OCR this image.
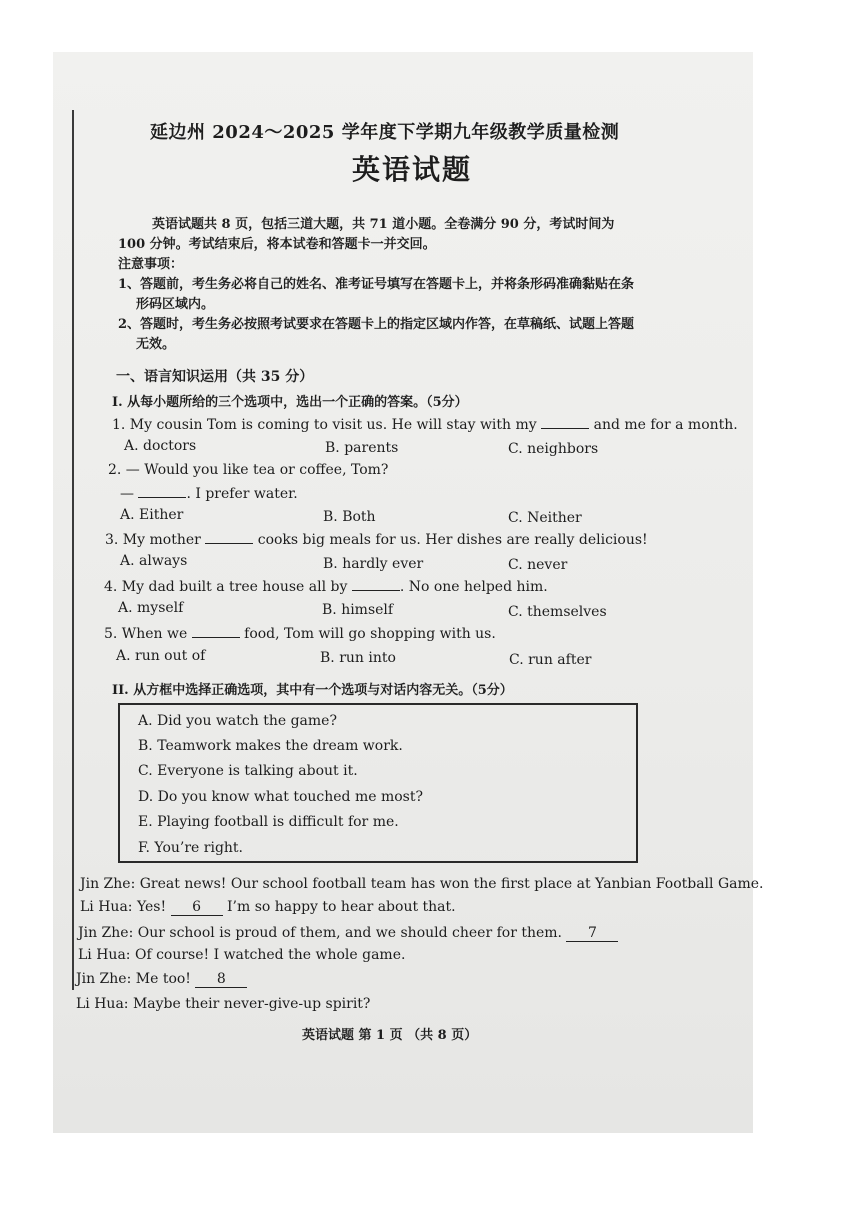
延边州 2024～2025 学年度下学期九年级教学质量检测
英语试题
英语试题共 8 页，包括三道大题，共 71 道小题。全卷满分 90 分，考试时间为
100 分钟。考试结束后，将本试卷和答题卡一并交回。
注意事项：
1、答题前，考生务必将自己的姓名、准考证号填写在答题卡上，并将条形码准确黏贴在条
形码区域内。
2、答题时，考生务必按照考试要求在答题卡上的指定区域内作答，在草稿纸、试题上答题
无效。
一、语言知识运用（共 35 分）
I. 从每小题所给的三个选项中，选出一个正确的答案。（5分）
1. My cousin Tom is coming to visit us. He will stay with my	and me for a month.
A. doctors	B. parents	C. neighbors
2. — Would you like tea or coffee, Tom?
—	. I prefer water.
A. Either	B. Both	C. Neither
3. My mother	cooks big meals for us. Her dishes are really delicious!
A. always	B. hardly ever	C. never
4. My dad built a tree house all by	. No one helped him.
A. myself	B. himself	C. themselves
5. When we	food, Tom will go shopping with us.
A. run out of	B. run into	C. run after
II. 从方框中选择正确选项，其中有一个选项与对话内容无关。（5分）
A. Did you watch the game?
B. Teamwork makes the dream work.
C. Everyone is talking about it.
D. Do you know what touched me most?
E. Playing football is difficult for me.
F. You’re right.
Jin Zhe: Great news! Our school football team has won the first place at Yanbian Football Game.
Li Hua: Yes! 6 I’m so happy to hear about that.
Jin Zhe: Our school is proud of them, and we should cheer for them. 7
Li Hua: Of course! I watched the whole game.
Jin Zhe: Me too! 8
Li Hua: Maybe their never-give-up spirit?
英语试题 第 1 页 （共 8 页）
